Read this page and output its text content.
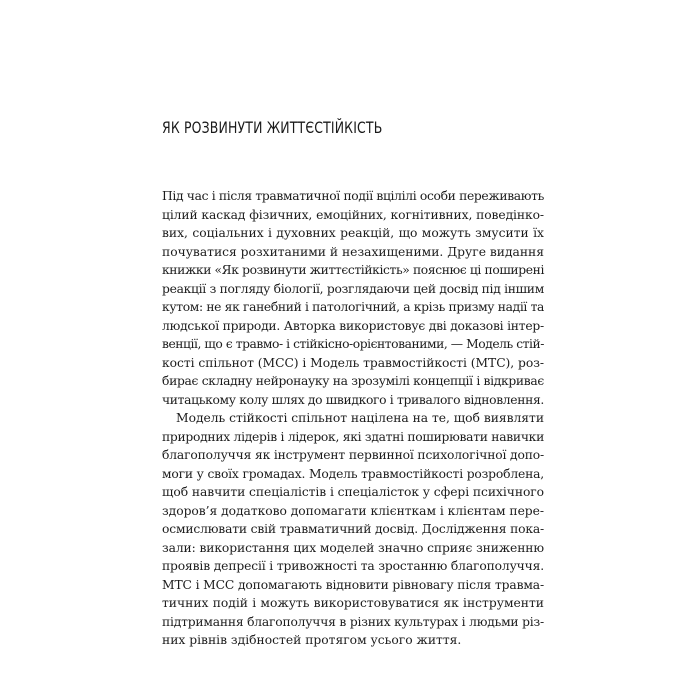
ЯК РОЗВИНУТИ ЖИТТЄСТІЙКІСТЬ
Під час і після травматичної події вцілілі особи переживають
цілий каскад фізичних, емоційних, когнітивних, поведінко-
вих, соціальних і духовних реакцій, що можуть змусити їх
почуватися розхитаними й незахищеними. Друге видання
книжки «Як розвинути життєстійкість» пояснює ці поширені
реакції з погляду біології, розглядаючи цей досвід під іншим
кутом: не як ганебний і патологічний, а крізь призму надії та
людської природи. Авторка використовує дві доказові інтер-
венції, що є травмо- і стійкісно-орієнтованими, — Модель стій-
кості спільнот (МСС) і Модель травмостійкості (МТС), роз-
бирає складну нейронауку на зрозумілі концепції і відкриває
читацькому колу шлях до швидкого і тривалого відновлення.
Модель стійкості спільнот націлена на те, щоб виявляти
природних лідерів і лідерок, які здатні поширювати навички
благополуччя як інструмент первинної психологічної допо-
моги у своїх громадах. Модель травмостійкості розроблена,
щоб навчити спеціалістів і спеціалісток у сфері психічного
здоров’я додатково допомагати клієнткам і клієнтам пере-
осмислювати свій травматичний досвід. Дослідження пока-
зали: використання цих моделей значно сприяє зниженню
проявів депресії і тривожності та зростанню благополуччя.
МТС і МСС допомагають відновити рівновагу після травма-
тичних подій і можуть використовуватися як інструменти
підтримання благополуччя в різних культурах і людьми різ-
них рівнів здібностей протягом усього життя.
